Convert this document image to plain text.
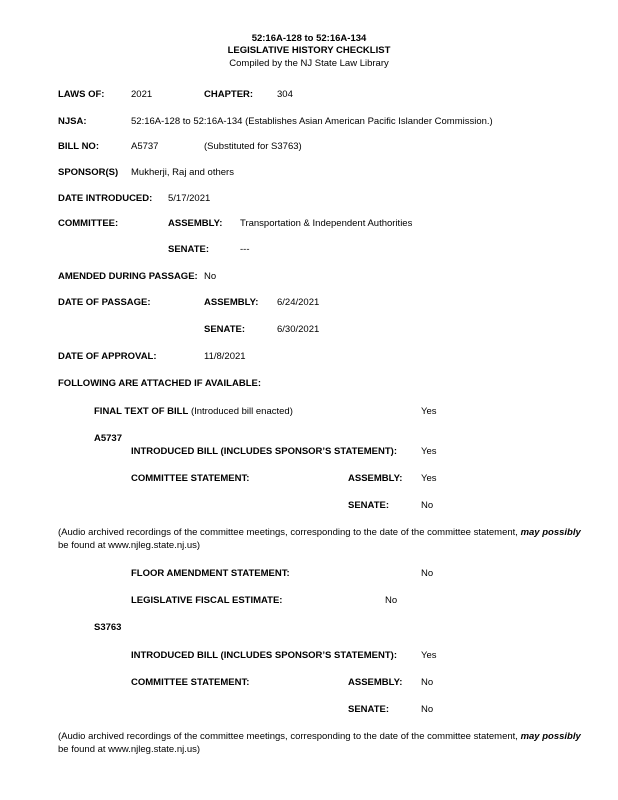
52:16A-128 to 52:16A-134
LEGISLATIVE HISTORY CHECKLIST
Compiled by the NJ State Law Library
LAWS OF:	2021	CHAPTER:	304
NJSA:	52:16A-128 to 52:16A-134 (Establishes Asian American Pacific Islander Commission.)
BILL NO:	A5737	(Substituted for S3763)
SPONSOR(S) Mukherji, Raj and others
DATE INTRODUCED: 5/17/2021
COMMITTEE:	ASSEMBLY: Transportation & Independent Authorities
SENATE:	---
AMENDED DURING PASSAGE: No
DATE OF PASSAGE:	ASSEMBLY: 6/24/2021
SENATE:	6/30/2021
DATE OF APPROVAL:	11/8/2021
FOLLOWING ARE ATTACHED IF AVAILABLE:
FINAL TEXT OF BILL (Introduced bill enacted)	Yes
A5737
INTRODUCED BILL (INCLUDES SPONSOR’S STATEMENT):	Yes
COMMITTEE STATEMENT:	ASSEMBLY: Yes
SENATE:	No
(Audio archived recordings of the committee meetings, corresponding to the date of the committee statement, may possibly be found at www.njleg.state.nj.us)
FLOOR AMENDMENT STATEMENT:	No
LEGISLATIVE FISCAL ESTIMATE:	No
S3763
INTRODUCED BILL (INCLUDES SPONSOR’S STATEMENT):	Yes
COMMITTEE STATEMENT:	ASSEMBLY: No
SENATE:	No
(Audio archived recordings of the committee meetings, corresponding to the date of the committee statement, may possibly be found at www.njleg.state.nj.us)
